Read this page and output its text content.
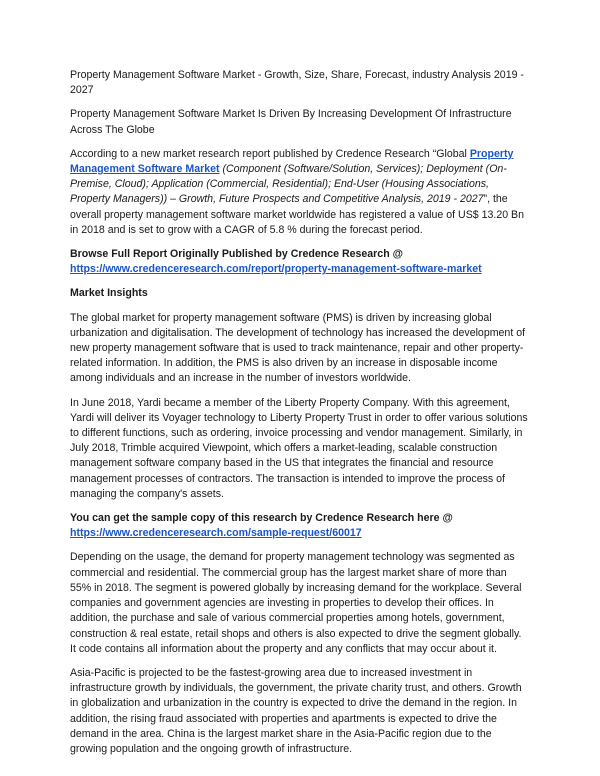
Property Management Software Market - Growth, Size, Share, Forecast, industry Analysis 2019 - 2027

Property Management Software Market Is Driven By Increasing Development Of Infrastructure Across The Globe

According to a new market research report published by Credence Research “Global Property Management Software Market (Component (Software/Solution, Services); Deployment (On-Premise, Cloud); Application (Commercial, Residential); End-User (Housing Associations, Property Managers)) – Growth, Future Prospects and Competitive Analysis, 2019 - 2027”, the overall property management software market worldwide has registered a value of US$ 13.20 Bn in 2018 and is set to grow with a CAGR of 5.8 % during the forecast period.

Browse Full Report Originally Published by Credence Research @
https://www.credenceresearch.com/report/property-management-software-market

Market Insights

The global market for property management software (PMS) is driven by increasing global urbanization and digitalisation. The development of technology has increased the development of new property management software that is used to track maintenance, repair and other property-related information. In addition, the PMS is also driven by an increase in disposable income among individuals and an increase in the number of investors worldwide.

In June 2018, Yardi became a member of the Liberty Property Company. With this agreement, Yardi will deliver its Voyager technology to Liberty Property Trust in order to offer various solutions to different functions, such as ordering, invoice processing and vendor management. Similarly, in July 2018, Trimble acquired Viewpoint, which offers a market-leading, scalable construction management software company based in the US that integrates the financial and resource management processes of contractors. The transaction is intended to improve the process of managing the company's assets.

You can get the sample copy of this research by Credence Research here @
https://www.credenceresearch.com/sample-request/60017

Depending on the usage, the demand for property management technology was segmented as commercial and residential. The commercial group has the largest market share of more than 55% in 2018. The segment is powered globally by increasing demand for the workplace. Several companies and government agencies are investing in properties to develop their offices. In addition, the purchase and sale of various commercial properties among hotels, government, construction & real estate, retail shops and others is also expected to drive the segment globally. It code contains all information about the property and any conflicts that may occur about it.

Asia-Pacific is projected to be the fastest-growing area due to increased investment in infrastructure growth by individuals, the government, the private charity trust, and others. Growth in globalization and urbanization in the country is expected to drive the demand in the region. In addition, the rising fraud associated with properties and apartments is expected to drive the demand in the area. China is the largest market share in the Asia-Pacific region due to the growing population and the ongoing growth of infrastructure.
